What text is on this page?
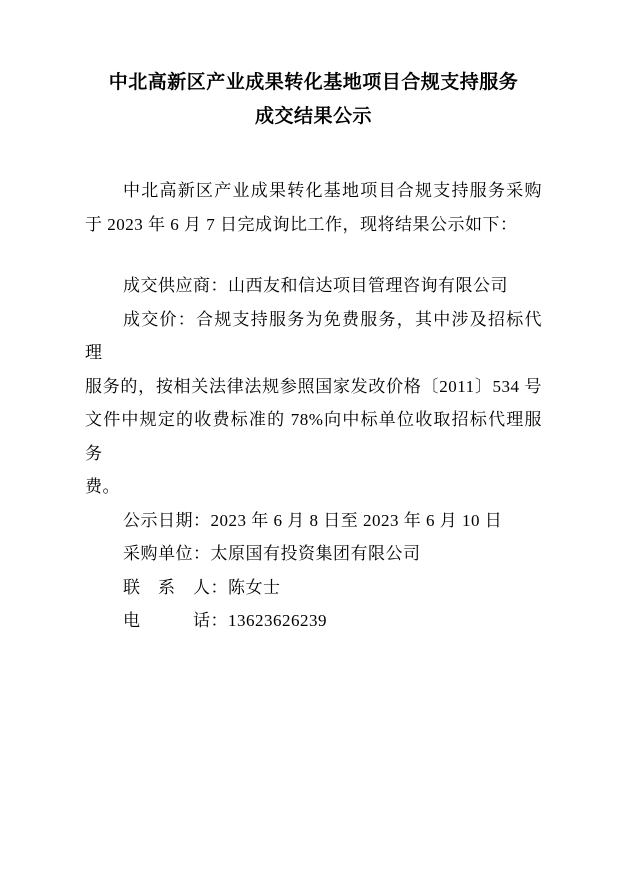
中北高新区产业成果转化基地项目合规支持服务
成交结果公示
中北高新区产业成果转化基地项目合规支持服务采购
于 2023 年 6 月 7 日完成询比工作，现将结果公示如下：
成交供应商：山西友和信达项目管理咨询有限公司
成交价：合规支持服务为免费服务，其中涉及招标代理
服务的，按相关法律法规参照国家发改价格〔2011〕534 号
文件中规定的收费标准的 78%向中标单位收取招标代理服务
费。
公示日期：2023 年 6 月 8 日至 2023 年 6 月 10 日
采购单位：太原国有投资集团有限公司
联　系　人：陈女士
电　　　话：13623626239
